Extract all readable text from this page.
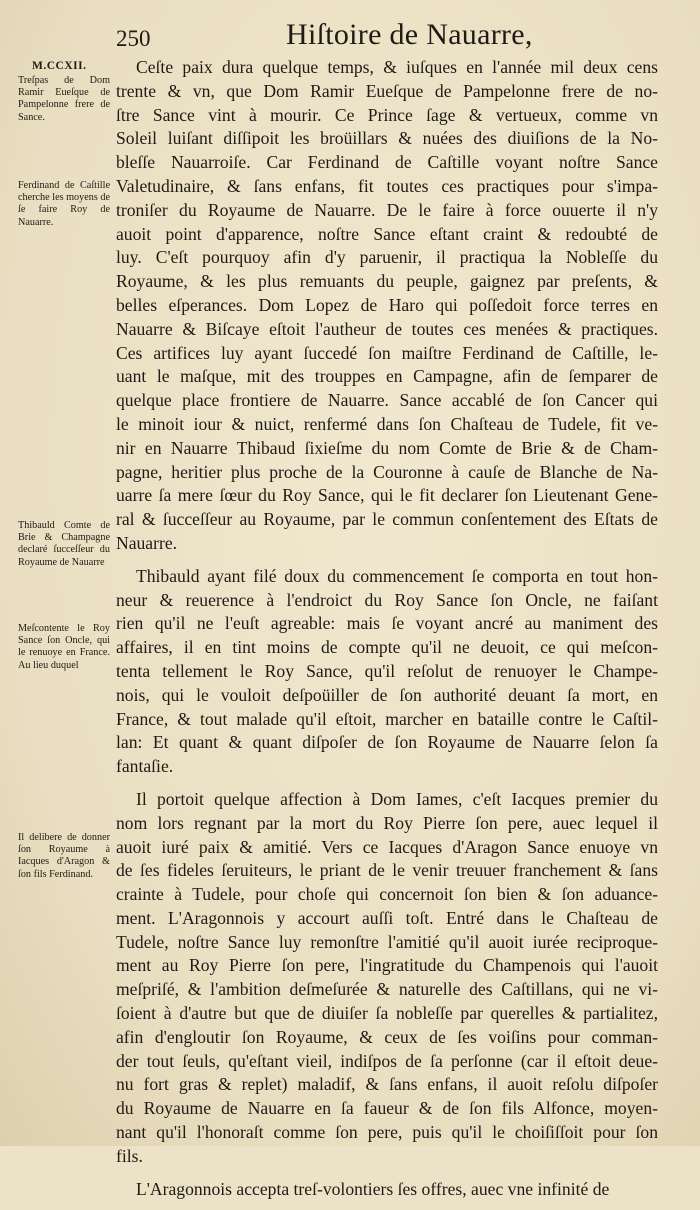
250	Hiſtoire de Nauarre,
M.CCXII.
Treſpas de Dom Ramir Eueſque de Pampelonne frere de Sance.
Ferdinand de Caſtille cherche les moyens de ſe faire Roy de Nauarre.
Thibauld Comte de Brie & Champagne declaré ſucceſſeur du Royaume de Nauarre
Meſcontente le Roy Sance ſon Oncle, qui le renuoye en France. Au lieu duquel
Il delibere de donner ſon Royaume à Iacques d'Aragon & ſon fils Ferdinand.
Ceſte paix dura quelque temps, & iuſques en l'année mil deux cens
trente & vn, que Dom Ramir Eueſque de Pampelonne frere de no-
ſtre Sance vint à mourir. Ce Prince ſage & vertueux, comme vn
Soleil luiſant diſſipoit les broüillars & nuées des diuiſions de la No-
bleſſe Nauarroiſe. Car Ferdinand de Caſtille voyant noſtre Sance
Valetudinaire, & ſans enfans, fit toutes ces practiques pour s'impa-
troniſer du Royaume de Nauarre. De le faire à force ouuerte il n'y
auoit point d'apparence, noſtre Sance eſtant craint & redoubté de
luy. C'eſt pourquoy afin d'y paruenir, il practiqua la Nobleſſe du
Royaume, & les plus remuants du peuple, gaignez par preſents, &
belles eſperances. Dom Lopez de Haro qui poſſedoit force terres en
Nauarre & Biſcaye eſtoit l'autheur de toutes ces menées & practiques.
Ces artifices luy ayant ſuccedé ſon maiſtre Ferdinand de Caſtille, le-
uant le maſque, mit des trouppes en Campagne, afin de ſemparer de
quelque place frontiere de Nauarre. Sance accablé de ſon Cancer qui
le minoit iour & nuict, renfermé dans ſon Chaſteau de Tudele, fit ve-
nir en Nauarre Thibaud ſixieſme du nom Comte de Brie & de Cham-
pagne, heritier plus proche de la Couronne à cauſe de Blanche de Na-
uarre ſa mere ſœur du Roy Sance, qui le fit declarer ſon Lieutenant Gene-
ral & ſucceſſeur au Royaume, par le commun conſentement des Eſtats de
Nauarre.
Thibauld ayant filé doux du commencement ſe comporta en tout hon-
neur & reuerence à l'endroict du Roy Sance ſon Oncle, ne faiſant
rien qu'il ne l'euſt agreable: mais ſe voyant ancré au maniment des
affaires, il en tint moins de compte qu'il ne deuoit, ce qui meſcon-
tenta tellement le Roy Sance, qu'il reſolut de renuoyer le Champe-
nois, qui le vouloit deſpoüiller de ſon authorité deuant ſa mort, en
France, & tout malade qu'il eſtoit, marcher en bataille contre le Caſtil-
lan: Et quant & quant diſpoſer de ſon Royaume de Nauarre ſelon ſa
fantaſie.
Il portoit quelque affection à Dom Iames, c'eſt Iacques premier du
nom lors regnant par la mort du Roy Pierre ſon pere, auec lequel il
auoit iuré paix & amitié. Vers ce Iacques d'Aragon Sance enuoye vn
de ſes fideles ſeruiteurs, le priant de le venir treuuer franchement & ſans
crainte à Tudele, pour choſe qui concernoit ſon bien & ſon aduance-
ment. L'Aragonnois y accourt auſſi toſt. Entré dans le Chaſteau de
Tudele, noſtre Sance luy remonſtre l'amitié qu'il auoit iurée reciproque-
ment au Roy Pierre ſon pere, l'ingratitude du Champenois qui l'auoit
meſpriſé, & l'ambition deſmeſurée & naturelle des Caſtillans, qui ne vi-
ſoient à d'autre but que de diuiſer ſa nobleſſe par querelles & partialitez,
afin d'engloutir ſon Royaume, & ceux de ſes voiſins pour comman-
der tout ſeuls, qu'eſtant vieil, indiſpos de ſa perſonne (car il eſtoit deue-
nu fort gras & replet) maladif, & ſans enfans, il auoit reſolu diſpoſer
du Royaume de Nauarre en ſa faueur & de ſon fils Alfonce, moyen-
nant qu'il l'honoraſt comme ſon pere, puis qu'il le choiſiſſoit pour ſon
fils.
L'Aragonnois accepta treſ-volontiers ſes offres, auec vne infinité de
